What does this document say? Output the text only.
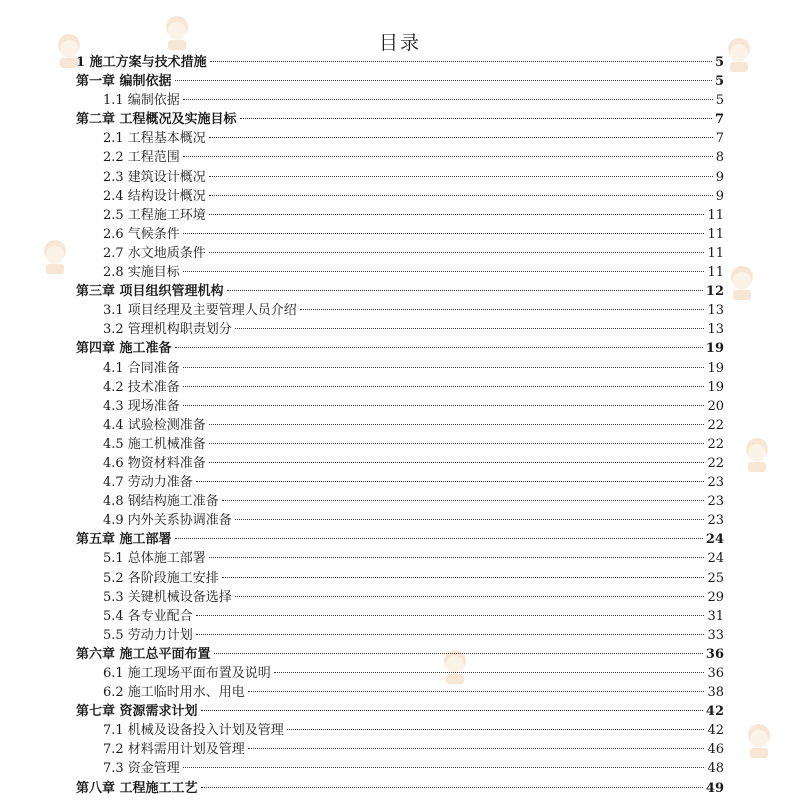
目录
1 施工方案与技术措施	5
第一章 编制依据	5
1.1 编制依据	5
第二章 工程概况及实施目标	7
2.1 工程基本概况	7
2.2 工程范围	8
2.3 建筑设计概况	9
2.4 结构设计概况	9
2.5 工程施工环境	11
2.6 气候条件	11
2.7 水文地质条件	11
2.8 实施目标	11
第三章 项目组织管理机构	12
3.1 项目经理及主要管理人员介绍	13
3.2 管理机构职责划分	13
第四章 施工准备	19
4.1 合同准备	19
4.2 技术准备	19
4.3 现场准备	20
4.4 试验检测准备	22
4.5 施工机械准备	22
4.6 物资材料准备	22
4.7 劳动力准备	23
4.8 钢结构施工准备	23
4.9 内外关系协调准备	23
第五章 施工部署	24
5.1 总体施工部署	24
5.2 各阶段施工安排	25
5.3 关键机械设备选择	29
5.4 各专业配合	31
5.5 劳动力计划	33
第六章 施工总平面布置	36
6.1 施工现场平面布置及说明	36
6.2 施工临时用水、用电	38
第七章 资源需求计划	42
7.1 机械及设备投入计划及管理	42
7.2 材料需用计划及管理	46
7.3 资金管理	48
第八章 工程施工工艺	49
